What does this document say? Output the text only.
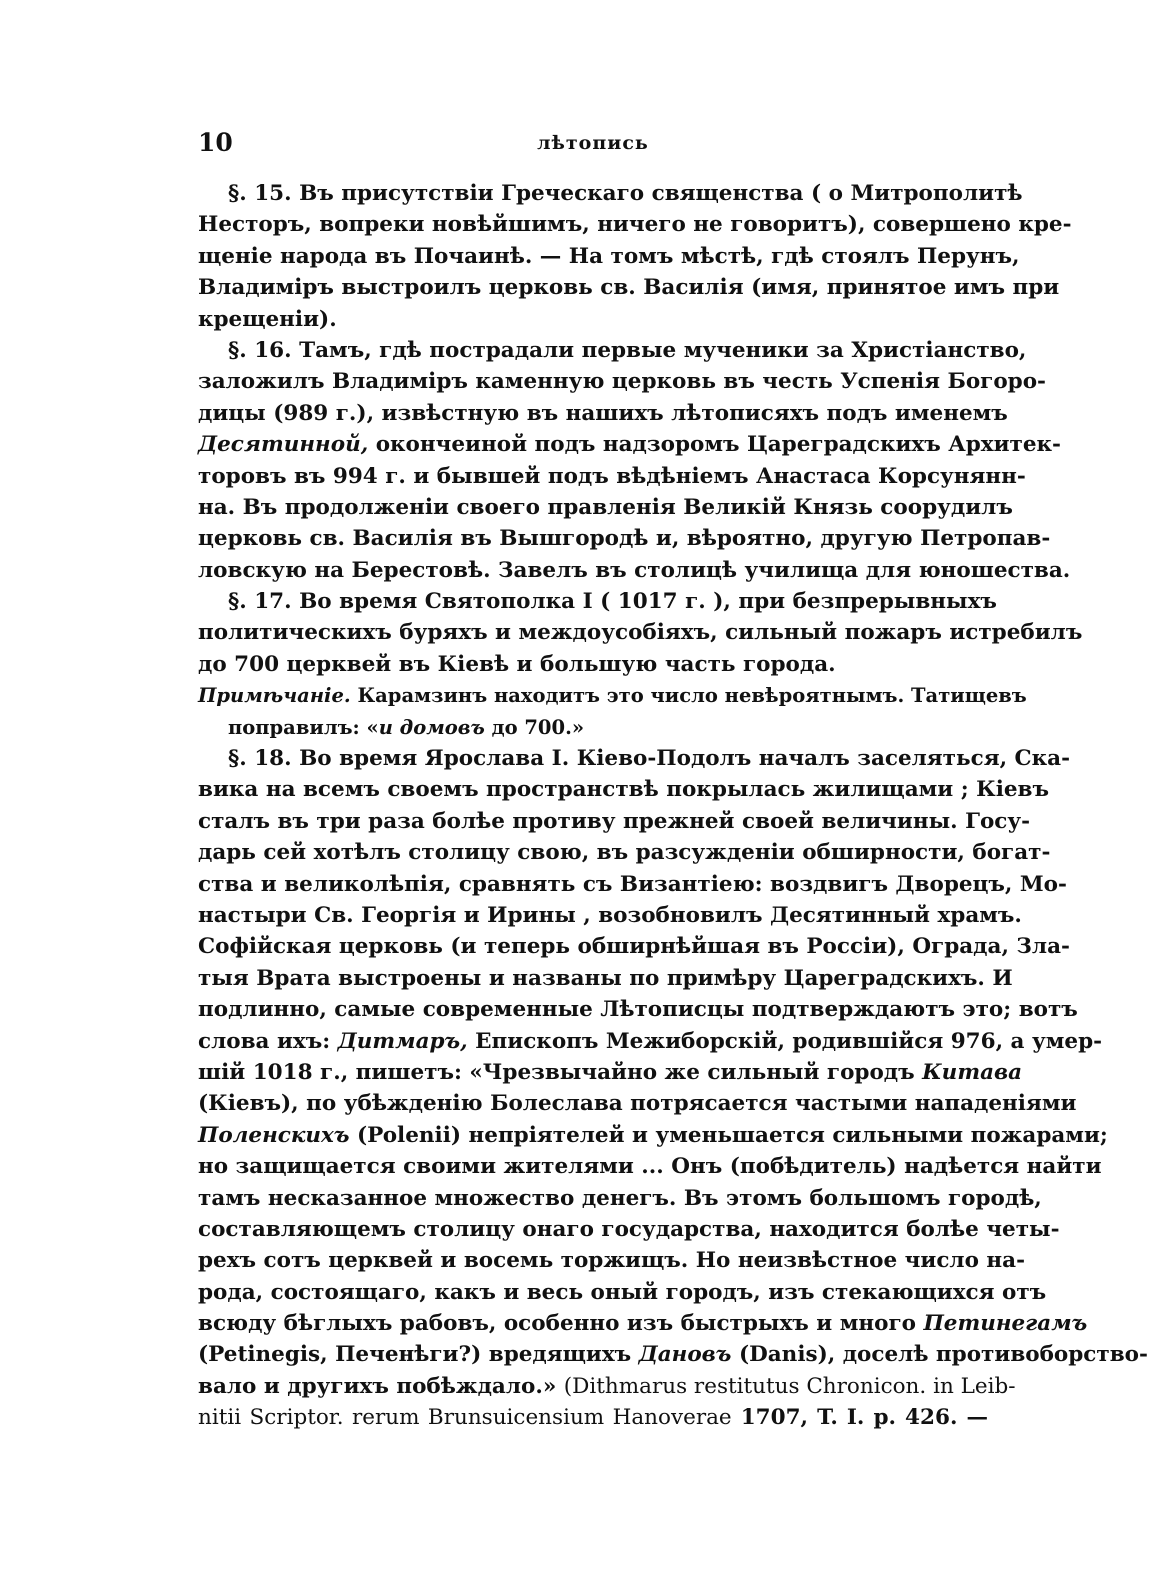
10	лѣтопись
§. 15. Въ присутствіи Греческаго священства ( о Митрополитѣ
Несторъ, вопреки новѣйшимъ, ничего не говоритъ), совершено кре-
щеніе народа въ Почаинѣ. — На томъ мѣстѣ, гдѣ стоялъ Перунъ,
Владиміръ выстроилъ церковь св. Василія (имя, принятое имъ при
крещеніи).
§. 16. Тамъ, гдѣ пострадали первые мученики за Христіанство,
заложилъ Владиміръ каменную церковь въ честь Успенія Богоро-
дицы (989 г.), извѣстную въ нашихъ лѣтописяхъ подъ именемъ
Десятинной, окончеиной подъ надзоромъ Цареградскихъ Архитек-
торовъ въ 994 г. и бывшей подъ вѣдѣніемъ Анастаса Корсунянн-
на. Въ продолженіи своего правленія Великій Князь соорудилъ
церковь св. Василія въ Вышгородѣ и, вѣроятно, другую Петропав-
ловскую на Берестовѣ. Завелъ въ столицѣ училища для юношества.
§. 17. Во время Святополка I ( 1017 г. ), при безпрерывныхъ
политическихъ буряхъ и междоусобіяхъ, сильный пожаръ истребилъ
до 700 церквей въ Кіевѣ и большую часть города.
Примѣчаніе. Карамзинъ находитъ это число невѣроятнымъ. Татищевъ
поправилъ: «и домовъ до 700.»
§. 18. Во время Ярослава I. Кіево-Подолъ началъ заселяться, Ска-
вика на всемъ своемъ пространствѣ покрылась жилищами ; Кіевъ
сталъ въ три раза болѣе противу прежней своей величины. Госу-
дарь сей хотѣлъ столицу свою, въ разсужденіи обширности, богат-
ства и великолѣпія, сравнять съ Византіею: воздвигъ Дворецъ, Мо-
настыри Св. Георгія и Ирины , возобновилъ Десятинный храмъ.
Софійская церковь (и теперь обширнѣйшая въ Россіи), Ограда, Зла-
тыя Врата выстроены и названы по примѣру Цареградскихъ. И
подлинно, самые современные Лѣтописцы подтверждаютъ это; вотъ
слова ихъ: Дитмаръ, Епископъ Межиборскій, родившійся 976, а умер-
шій 1018 г., пишетъ: «Чрезвычайно же сильный городъ Китава
(Кіевъ), по убѣжденію Болеслава потрясается частыми нападеніями
Поленскихъ (Polenii) непріятелей и уменьшается сильными пожарами;
но защищается своими жителями ... Онъ (побѣдитель) надѣется найти
тамъ несказанное множество денегъ. Въ этомъ большомъ городѣ,
составляющемъ столицу онаго государства, находится болѣе четы-
рехъ сотъ церквей и восемь торжищъ. Но неизвѣстное число на-
рода, состоящаго, какъ и весь оный городъ, изъ стекающихся отъ
всюду бѣглыхъ рабовъ, особенно изъ быстрыхъ и много Петинегамъ
(Petinegis, Печенѣги?) вредящихъ Дановъ (Danis), доселѣ противоборство-
вало и другихъ побѣждало.» (Dithmarus restitutus Chronicon. in Leib-
nitii Scriptor. rerum Brunsuicensium Hanoverae 1707, T. I. p. 426. —
